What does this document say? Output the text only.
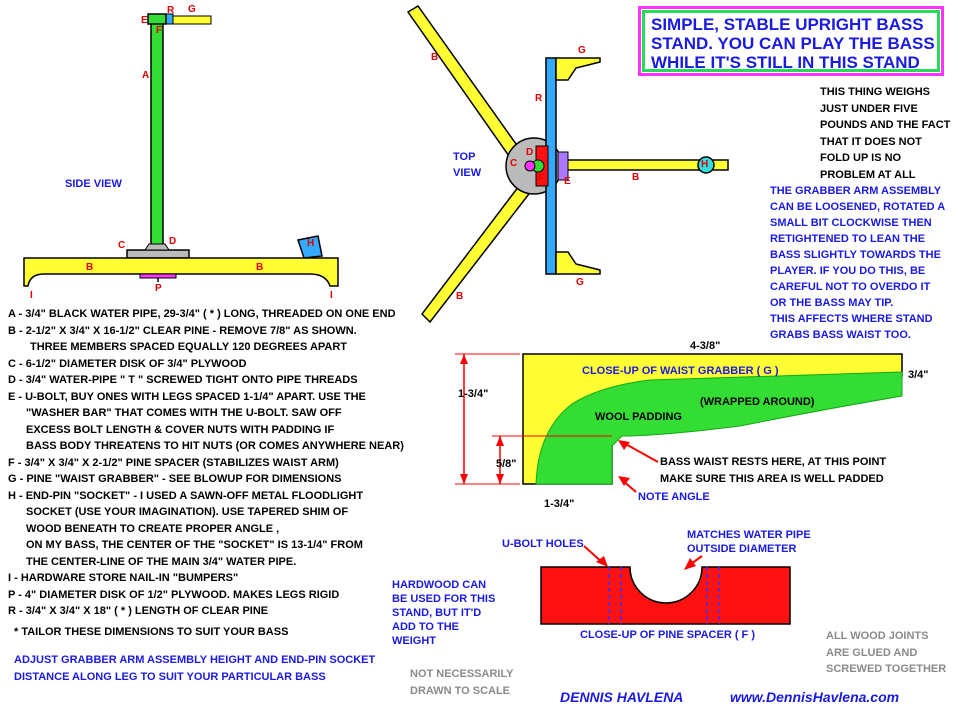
SIMPLE, STABLE UPRIGHT BASS
STAND. YOU CAN PLAY THE BASS
WHILE IT'S STILL IN THIS STAND
THIS THING WEIGHS
JUST UNDER FIVE
POUNDS AND THE FACT
THAT IT DOES NOT
FOLD UP IS NO
PROBLEM AT ALL
THE GRABBER ARM ASSEMBLY
CAN BE LOOSENED, ROTATED A
SMALL BIT CLOCKWISE THEN
RETIGHTENED TO LEAN THE
BASS SLIGHTLY TOWARDS THE
PLAYER. IF YOU DO THIS, BE
CAREFUL NOT TO OVERDO IT
OR THE BASS MAY TIP.
THIS AFFECTS WHERE STAND
GRABS BASS WAIST TOO.
SIDE VIEW
E
R G
F
A
C	D
B	B
P
I	I
H
TOP
VIEW
B
B
B
C
D
F E
R
G
G
H
A - 3/4" BLACK WATER PIPE, 29-3/4" ( * ) LONG, THREADED ON ONE END
B - 2-1/2" X 3/4" X 16-1/2" CLEAR PINE - REMOVE 7/8" AS SHOWN.
THREE MEMBERS SPACED EQUALLY 120 DEGREES APART
C - 6-1/2" DIAMETER DISK OF 3/4" PLYWOOD
D - 3/4" WATER-PIPE " T " SCREWED TIGHT ONTO PIPE THREADS
E - U-BOLT, BUY ONES WITH LEGS SPACED 1-1/4" APART. USE THE
"WASHER BAR" THAT COMES WITH THE U-BOLT. SAW OFF
EXCESS BOLT LENGTH & COVER NUTS WITH PADDING IF
BASS BODY THREATENS TO HIT NUTS (OR COMES ANYWHERE NEAR)
F - 3/4" X 3/4" X 2-1/2" PINE SPACER (STABILIZES WAIST ARM)
G - PINE "WAIST GRABBER" - SEE BLOWUP FOR DIMENSIONS
H - END-PIN "SOCKET" - I USED A SAWN-OFF METAL FLOODLIGHT
SOCKET (USE YOUR IMAGINATION). USE TAPERED SHIM OF
WOOD BENEATH TO CREATE PROPER ANGLE ,
ON MY BASS, THE CENTER OF THE "SOCKET" IS 13-1/4" FROM
THE CENTER-LINE OF THE MAIN 3/4" WATER PIPE.
I - HARDWARE STORE NAIL-IN "BUMPERS"
P - 4" DIAMETER DISK OF 1/2" PLYWOOD. MAKES LEGS RIGID
R - 3/4" X 3/4" X 18" ( * ) LENGTH OF CLEAR PINE
* TAILOR THESE DIMENSIONS TO SUIT YOUR BASS
ADJUST GRABBER ARM ASSEMBLY HEIGHT AND END-PIN SOCKET
DISTANCE ALONG LEG TO SUIT YOUR PARTICULAR BASS	NOT NECESSARILY
DRAWN TO SCALE	DENNIS HAVLENA	www.DennisHavlena.com
CLOSE-UP OF WAIST GRABBER ( G )
4-3/8"
3/4"
1-3/4"
5/8"
1-3/4"
WOOL PADDING
(WRAPPED AROUND)
BASS WAIST RESTS HERE, AT THIS POINT
MAKE SURE THIS AREA IS WELL PADDED
NOTE ANGLE
U-BOLT HOLES
MATCHES WATER PIPE
OUTSIDE DIAMETER
CLOSE-UP OF PINE SPACER ( F )
HARDWOOD CAN
BE USED FOR THIS
STAND, BUT IT'D
ADD TO THE
WEIGHT	ALL WOOD JOINTS
ARE GLUED AND
SCREWED TOGETHER
